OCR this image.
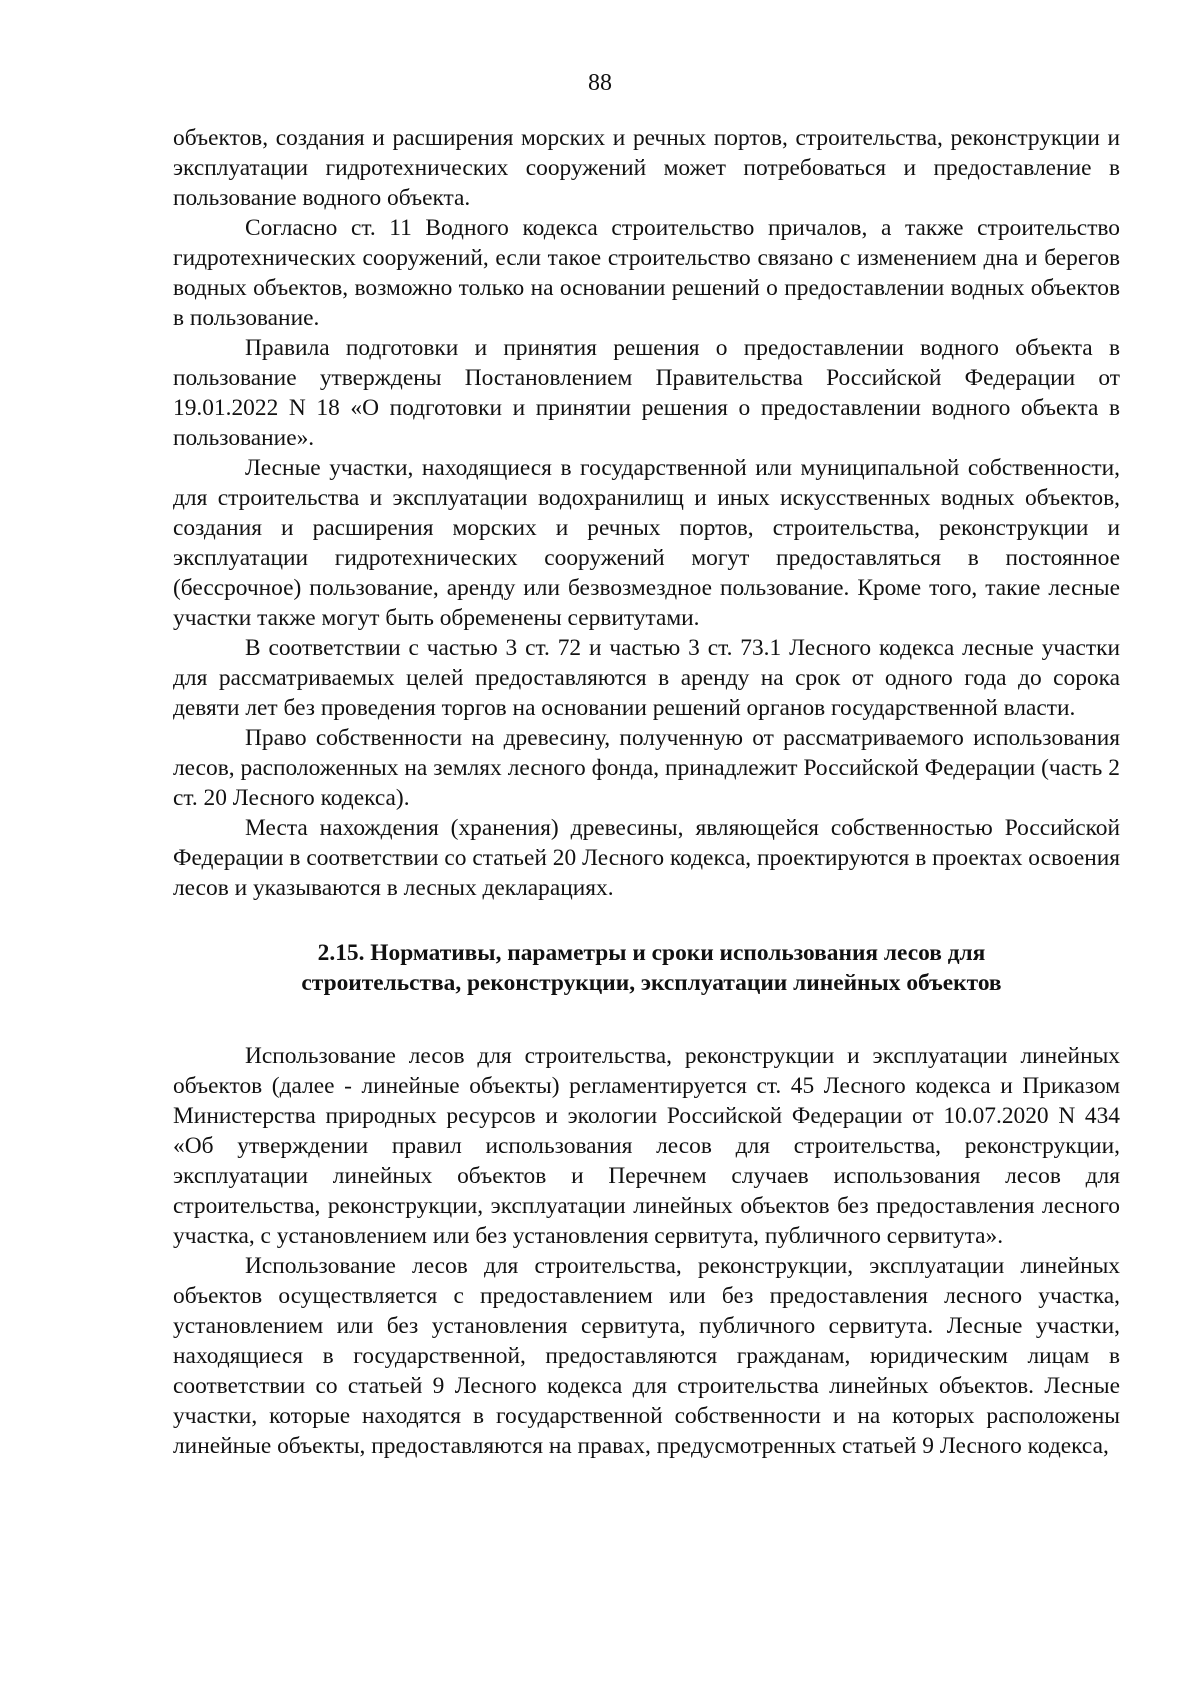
88

объектов, создания и расширения морских и речных портов, строительства, реконструкции и эксплуатации гидротехнических сооружений может потребоваться и предоставление в пользование водного объекта.

Согласно ст. 11 Водного кодекса строительство причалов, а также строительство гидротехнических сооружений, если такое строительство связано с изменением дна и берегов водных объектов, возможно только на основании решений о предоставлении водных объектов в пользование.

Правила подготовки и принятия решения о предоставлении водного объекта в пользование утверждены Постановлением Правительства Российской Федерации от 19.01.2022 N 18 «О подготовки и принятии решения о предоставлении водного объекта в пользование».

Лесные участки, находящиеся в государственной или муниципальной собственности, для строительства и эксплуатации водохранилищ и иных искусственных водных объектов, создания и расширения морских и речных портов, строительства, реконструкции и эксплуатации гидротехнических сооружений могут предоставляться в постоянное (бессрочное) пользование, аренду или безвозмездное пользование. Кроме того, такие лесные участки также могут быть обременены сервитутами.

В соответствии с частью 3 ст. 72 и частью 3 ст. 73.1 Лесного кодекса лесные участки для рассматриваемых целей предоставляются в аренду на срок от одного года до сорока девяти лет без проведения торгов на основании решений органов государственной власти.

Право собственности на древесину, полученную от рассматриваемого использования лесов, расположенных на землях лесного фонда, принадлежит Российской Федерации (часть 2 ст. 20 Лесного кодекса).

Места нахождения (хранения) древесины, являющейся собственностью Российской Федерации в соответствии со статьей 20 Лесного кодекса, проектируются в проектах освоения лесов и указываются в лесных декларациях.

2.15. Нормативы, параметры и сроки использования лесов для
строительства, реконструкции, эксплуатации линейных объектов

Использование лесов для строительства, реконструкции и эксплуатации линейных объектов (далее - линейные объекты) регламентируется ст. 45 Лесного кодекса и Приказом Министерства природных ресурсов и экологии Российской Федерации от 10.07.2020 N 434 «Об утверждении правил использования лесов для строительства, реконструкции, эксплуатации линейных объектов и Перечнем случаев использования лесов для строительства, реконструкции, эксплуатации линейных объектов без предоставления лесного участка, с установлением или без установления сервитута, публичного сервитута».

Использование лесов для строительства, реконструкции, эксплуатации линейных объектов осуществляется с предоставлением или без предоставления лесного участка, установлением или без установления сервитута, публичного сервитута. Лесные участки, находящиеся в государственной, предоставляются гражданам, юридическим лицам в соответствии со статьей 9 Лесного кодекса для строительства линейных объектов. Лесные участки, которые находятся в государственной собственности и на которых расположены линейные объекты, предоставляются на правах, предусмотренных статьей 9 Лесного кодекса,
